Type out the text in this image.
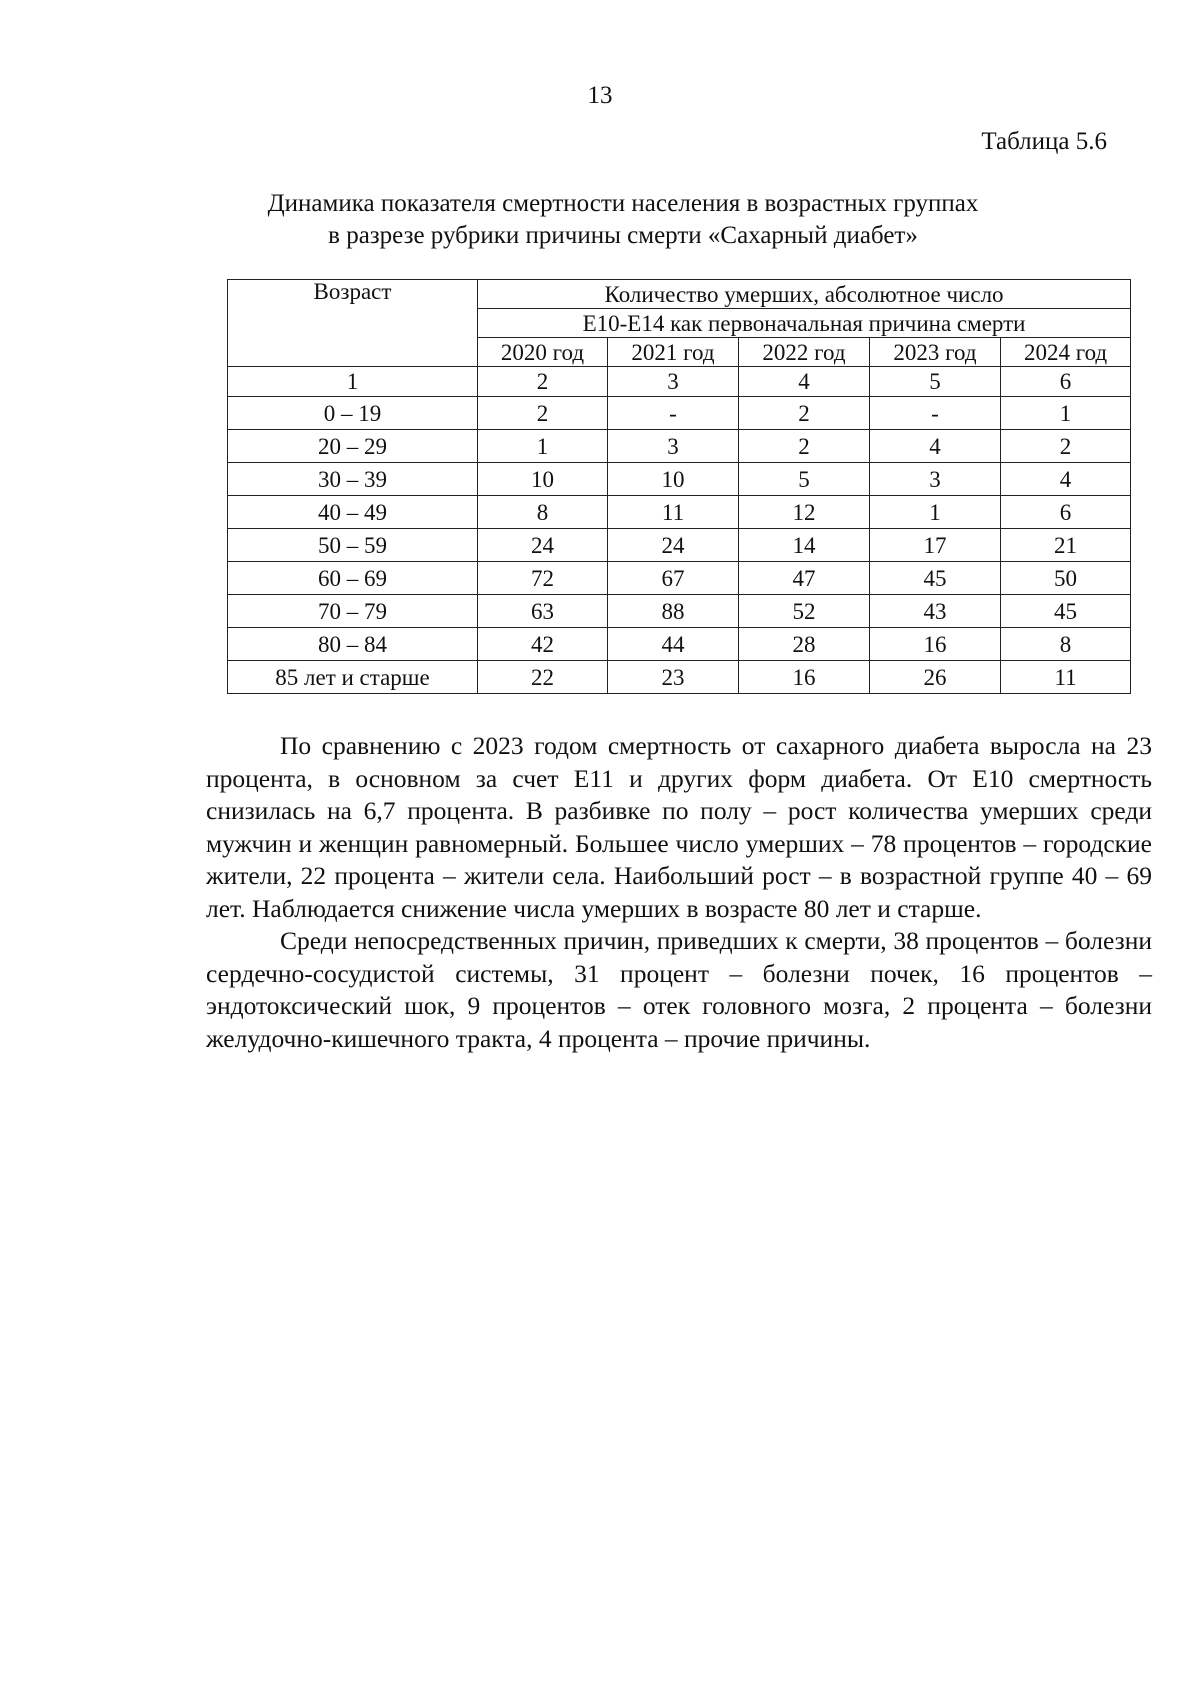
13
Таблица 5.6
Динамика показателя смертности населения в возрастных группах
в разрезе рубрики причины смерти «Сахарный диабет»
Возраст	Количество умерших, абсолютное число				
	Е10-Е14 как первоначальная причина смерти				
	2020 год	2021 год	2022 год	2023 год	2024 год
1	2	3	4	5	6
0 – 19	2	-	2	-	1
20 – 29	1	3	2	4	2
30 – 39	10	10	5	3	4
40 – 49	8	11	12	1	6
50 – 59	24	24	14	17	21
60 – 69	72	67	47	45	50
70 – 79	63	88	52	43	45
80 – 84	42	44	28	16	8
85 лет и старше	22	23	16	26	11

По сравнению с 2023 годом смертность от сахарного диабета выросла на 23 процента, в основном за счет Е11 и других форм диабета. От Е10 смертность снизилась на 6,7 процента. В разбивке по полу – рост количества умерших среди мужчин и женщин равномерный. Большее число умерших – 78 процентов – городские жители, 22 процента – жители села. Наибольший рост – в возрастной группе 40 – 69 лет. Наблюдается снижение числа умерших в возрасте 80 лет и старше.

Среди непосредственных причин, приведших к смерти, 38 процентов – болезни сердечно-сосудистой системы, 31 процент – болезни почек, 16 процентов – эндотоксический шок, 9 процентов – отек головного мозга, 2 процента – болезни желудочно-кишечного тракта, 4 процента – прочие причины.
